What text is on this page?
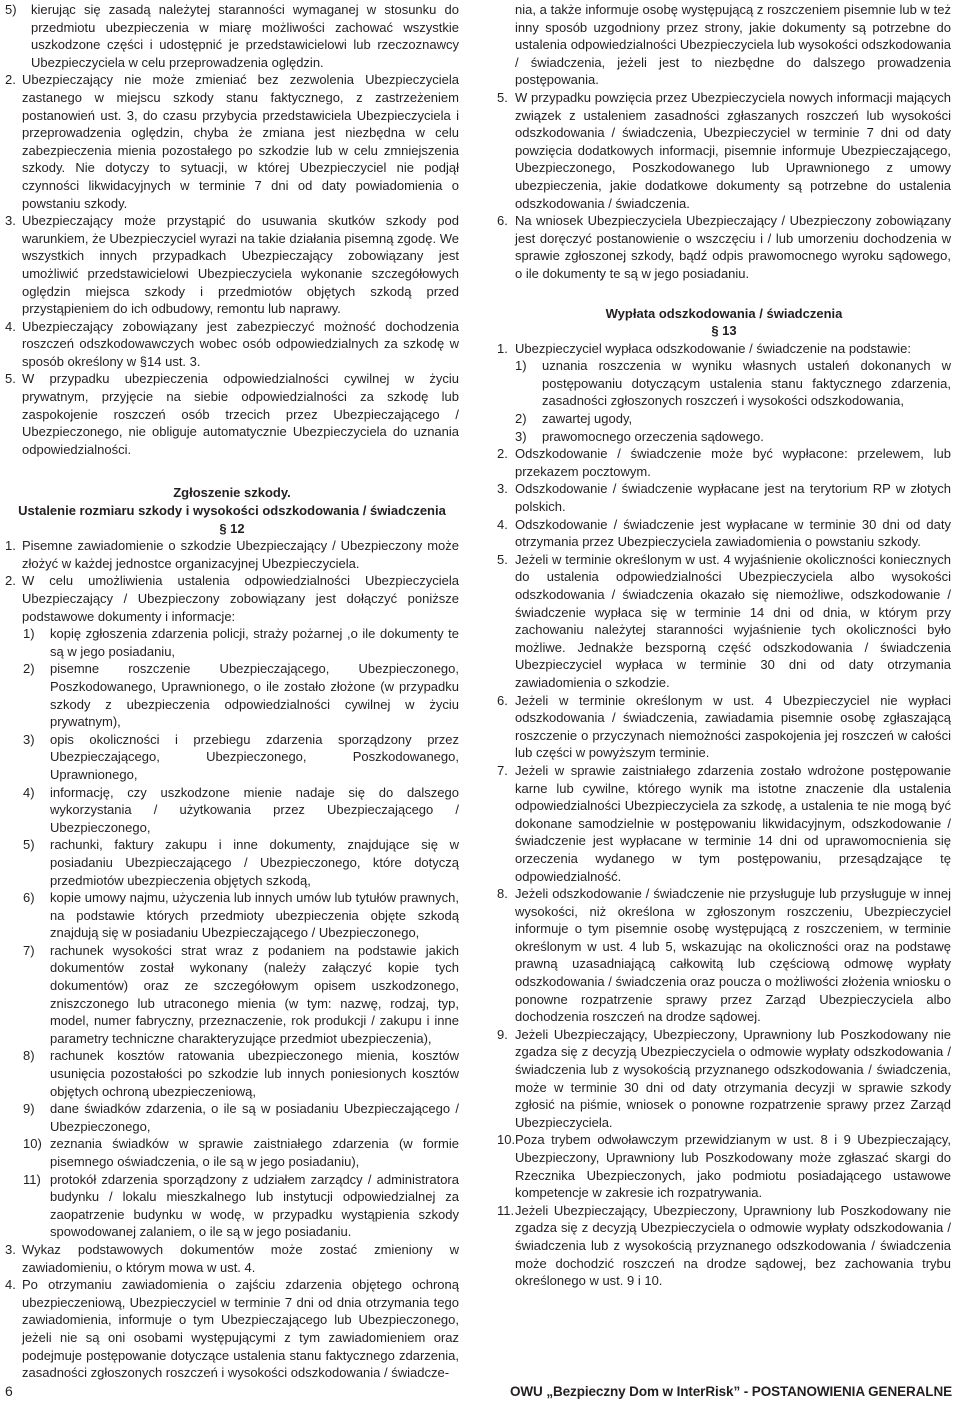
5)	kierując się zasadą należytej staranności wymaganej w stosunku do przedmiotu ubezpieczenia w miarę możliwości zachować wszystkie uszkodzone części i udostępnić je przedstawicielowi lub rzeczoznawcy Ubezpieczyciela w celu przeprowadzenia oględzin.
2. Ubezpieczający nie może zmieniać bez zezwolenia Ubezpieczyciela zastanego w miejscu szkody stanu faktycznego, z zastrzeżeniem postanowień ust. 3, do czasu przybycia przedstawiciela Ubezpieczyciela i przeprowadzenia oględzin, chyba że zmiana jest niezbędna w celu zabezpieczenia mienia pozostałego po szkodzie lub w celu zmniejszenia szkody. Nie dotyczy to sytuacji, w której Ubezpieczyciel nie podjął czynności likwidacyjnych w terminie 7 dni od daty powiadomienia o powstaniu szkody.
3. Ubezpieczający może przystąpić do usuwania skutków szkody pod warunkiem, że Ubezpieczyciel wyrazi na takie działania pisemną zgodę. We wszystkich innych przypadkach Ubezpieczający zobowiązany jest umożliwić przedstawicielowi Ubezpieczyciela wykonanie szczegółowych oględzin miejsca szkody i przedmiotów objętych szkodą przed przystąpieniem do ich odbudowy, remontu lub naprawy.
4. Ubezpieczający zobowiązany jest zabezpieczyć możność dochodzenia roszczeń odszkodowawczych wobec osób odpowiedzialnych za szkodę w sposób określony w §14 ust. 3.
5. W przypadku ubezpieczenia odpowiedzialności cywilnej w życiu prywatnym, przyjęcie na siebie odpowiedzialności za szkodę lub zaspokojenie roszczeń osób trzecich przez Ubezpieczającego / Ubezpieczonego, nie obliguje automatycznie Ubezpieczyciela do uznania odpowiedzialności.
Zgłoszenie szkody.
Ustalenie rozmiaru szkody i wysokości odszkodowania / świadczenia
§ 12
1. Pisemne zawiadomienie o szkodzie Ubezpieczający / Ubezpieczony może złożyć w każdej jednostce organizacyjnej Ubezpieczyciela.
2. W celu umożliwienia ustalenia odpowiedzialności Ubezpieczyciela Ubezpieczający / Ubezpieczony zobowiązany jest dołączyć poniższe podstawowe dokumenty i informacje:
1)	kopię zgłoszenia zdarzenia policji, straży pożarnej ,o ile dokumenty te są w jego posiadaniu,
2)	pisemne roszczenie Ubezpieczającego, Ubezpieczonego, Poszkodowanego, Uprawnionego, o ile zostało złożone (w przypadku szkody z ubezpieczenia odpowiedzialności cywilnej w życiu prywatnym),
3)	opis okoliczności i przebiegu zdarzenia sporządzony przez Ubezpieczającego, Ubezpieczonego, Poszkodowanego, Uprawnionego,
4)	informację, czy uszkodzone mienie nadaje się do dalszego wykorzystania / użytkowania przez Ubezpieczającego / Ubezpieczonego,
5)	rachunki, faktury zakupu i inne dokumenty, znajdujące się w posiadaniu Ubezpieczającego / Ubezpieczonego, które dotyczą przedmiotów ubezpieczenia objętych szkodą,
6)	kopie umowy najmu, użyczenia lub innych umów lub tytułów prawnych, na podstawie których przedmioty ubezpieczenia objęte szkodą znajdują się w posiadaniu Ubezpieczającego / Ubezpieczonego,
7)	rachunek wysokości strat wraz z podaniem na podstawie jakich dokumentów został wykonany (należy załączyć kopie tych dokumentów) oraz ze szczegółowym opisem uszkodzonego, zniszczonego lub utraconego mienia (w tym: nazwę, rodzaj, typ, model, numer fabryczny, przeznaczenie, rok produkcji / zakupu i inne parametry techniczne charakteryzujące przedmiot ubezpieczenia),
8)	rachunek kosztów ratowania ubezpieczonego mienia, kosztów usunięcia pozostałości po szkodzie lub innych poniesionych kosztów objętych ochroną ubezpieczeniową,
9)	dane świadków zdarzenia, o ile są w posiadaniu Ubezpieczającego / Ubezpieczonego,
10) zeznania świadków w sprawie zaistniałego zdarzenia (w formie pisemnego oświadczenia, o ile są w jego posiadaniu),
11) protokół zdarzenia sporządzony z udziałem zarządcy / administratora budynku / lokalu mieszkalnego lub instytucji odpowiedzialnej za zaopatrzenie budynku w wodę, w przypadku wystąpienia szkody spowodowanej zalaniem, o ile są w jego posiadaniu.
3. Wykaz podstawowych dokumentów może zostać zmieniony w zawiadomieniu, o którym mowa w ust. 4.
4. Po otrzymaniu zawiadomienia o zajściu zdarzenia objętego ochroną ubezpieczeniową, Ubezpieczyciel w terminie 7 dni od dnia otrzymania tego zawiadomienia, informuje o tym Ubezpieczającego lub Ubezpieczonego, jeżeli nie są oni osobami występującymi z tym zawiadomieniem oraz podejmuje postępowanie dotyczące ustalenia stanu faktycznego zdarzenia, zasadności zgłoszonych roszczeń i wysokości odszkodowania / świadcze-
nia, a także informuje osobę występującą z roszczeniem pisemnie lub w też inny sposób uzgodniony przez strony, jakie dokumenty są potrzebne do ustalenia odpowiedzialności Ubezpieczyciela lub wysokości odszkodowania / świadczenia, jeżeli jest to niezbędne do dalszego prowadzenia postępowania.
5. W przypadku powzięcia przez Ubezpieczyciela nowych informacji mających związek z ustaleniem zasadności zgłaszanych roszczeń lub wysokości odszkodowania / świadczenia, Ubezpieczyciel w terminie 7 dni od daty powzięcia dodatkowych informacji, pisemnie informuje Ubezpieczającego, Ubezpieczonego, Poszkodowanego lub Uprawnionego z umowy ubezpieczenia, jakie dodatkowe dokumenty są potrzebne do ustalenia odszkodowania / świadczenia.
6. Na wniosek Ubezpieczyciela Ubezpieczający / Ubezpieczony zobowiązany jest doręczyć postanowienie o wszczęciu i / lub umorzeniu dochodzenia w sprawie zgłoszonej szkody, bądź odpis prawomocnego wyroku sądowego, o ile dokumenty te są w jego posiadaniu.
Wypłata odszkodowania / świadczenia
§ 13
1. Ubezpieczyciel wypłaca odszkodowanie / świadczenie na podstawie:
1)	uznania roszczenia w wyniku własnych ustaleń dokonanych w postępowaniu dotyczącym ustalenia stanu faktycznego zdarzenia, zasadności zgłoszonych roszczeń i wysokości odszkodowania,
2)	zawartej ugody,
3)	prawomocnego orzeczenia sądowego.
2. Odszkodowanie / świadczenie może być wypłacone: przelewem, lub przekazem pocztowym.
3. Odszkodowanie / świadczenie wypłacane jest na terytorium RP w złotych polskich.
4. Odszkodowanie / świadczenie jest wypłacane w terminie 30 dni od daty otrzymania przez Ubezpieczyciela zawiadomienia o powstaniu szkody.
5. Jeżeli w terminie określonym w ust. 4 wyjaśnienie okoliczności koniecznych do ustalenia odpowiedzialności Ubezpieczyciela albo wysokości odszkodowania / świadczenia okazało się niemożliwe, odszkodowanie / świadczenie wypłaca się w terminie 14 dni od dnia, w którym przy zachowaniu należytej staranności wyjaśnienie tych okoliczności było możliwe. Jednakże bezsporną część odszkodowania / świadczenia Ubezpieczyciel wypłaca w terminie 30 dni od daty otrzymania zawiadomienia o szkodzie.
6. Jeżeli w terminie określonym w ust. 4 Ubezpieczyciel nie wypłaci odszkodowania / świadczenia, zawiadamia pisemnie osobę zgłaszającą roszczenie o przyczynach niemożności zaspokojenia jej roszczeń w całości lub części w powyższym terminie.
7. Jeżeli w sprawie zaistniałego zdarzenia zostało wdrożone postępowanie karne lub cywilne, którego wynik ma istotne znaczenie dla ustalenia odpowiedzialności Ubezpieczyciela za szkodę, a ustalenia te nie mogą być dokonane samodzielnie w postępowaniu likwidacyjnym, odszkodowanie / świadczenie jest wypłacane w terminie 14 dni od uprawomocnienia się orzeczenia wydanego w tym postępowaniu, przesądzające tę odpowiedzialność.
8. Jeżeli odszkodowanie / świadczenie nie przysługuje lub przysługuje w innej wysokości, niż określona w zgłoszonym roszczeniu, Ubezpieczyciel informuje o tym pisemnie osobę występującą z roszczeniem, w terminie określonym w ust. 4 lub 5, wskazując na okoliczności oraz na podstawę prawną uzasadniającą całkowitą lub częściową odmowę wypłaty odszkodowania / świadczenia oraz poucza o możliwości złożenia wniosku o ponowne rozpatrzenie sprawy przez Zarząd Ubezpieczyciela albo dochodzenia roszczeń na drodze sądowej.
9. Jeżeli Ubezpieczający, Ubezpieczony, Uprawniony lub Poszkodowany nie zgadza się z decyzją Ubezpieczyciela o odmowie wypłaty odszkodowania / świadczenia lub z wysokością przyznanego odszkodowania / świadczenia, może w terminie 30 dni od daty otrzymania decyzji w sprawie szkody zgłosić na piśmie, wniosek o ponowne rozpatrzenie sprawy przez Zarząd Ubezpieczyciela.
10. Poza trybem odwoławczym przewidzianym w ust. 8 i 9 Ubezpieczający, Ubezpieczony, Uprawniony lub Poszkodowany może zgłaszać skargi do Rzecznika Ubezpieczonych, jako podmiotu posiadającego ustawowe kompetencje w zakresie ich rozpatrywania.
11. Jeżeli Ubezpieczający, Ubezpieczony, Uprawniony lub Poszkodowany nie zgadza się z decyzją Ubezpieczyciela o odmowie wypłaty odszkodowania / świadczenia lub z wysokością przyznanego odszkodowania / świadczenia może dochodzić roszczeń na drodze sądowej, bez zachowania trybu określonego w ust. 9 i 10.
6	OWU „Bezpieczny Dom w InterRisk” - POSTANOWIENIA GENERALNE
